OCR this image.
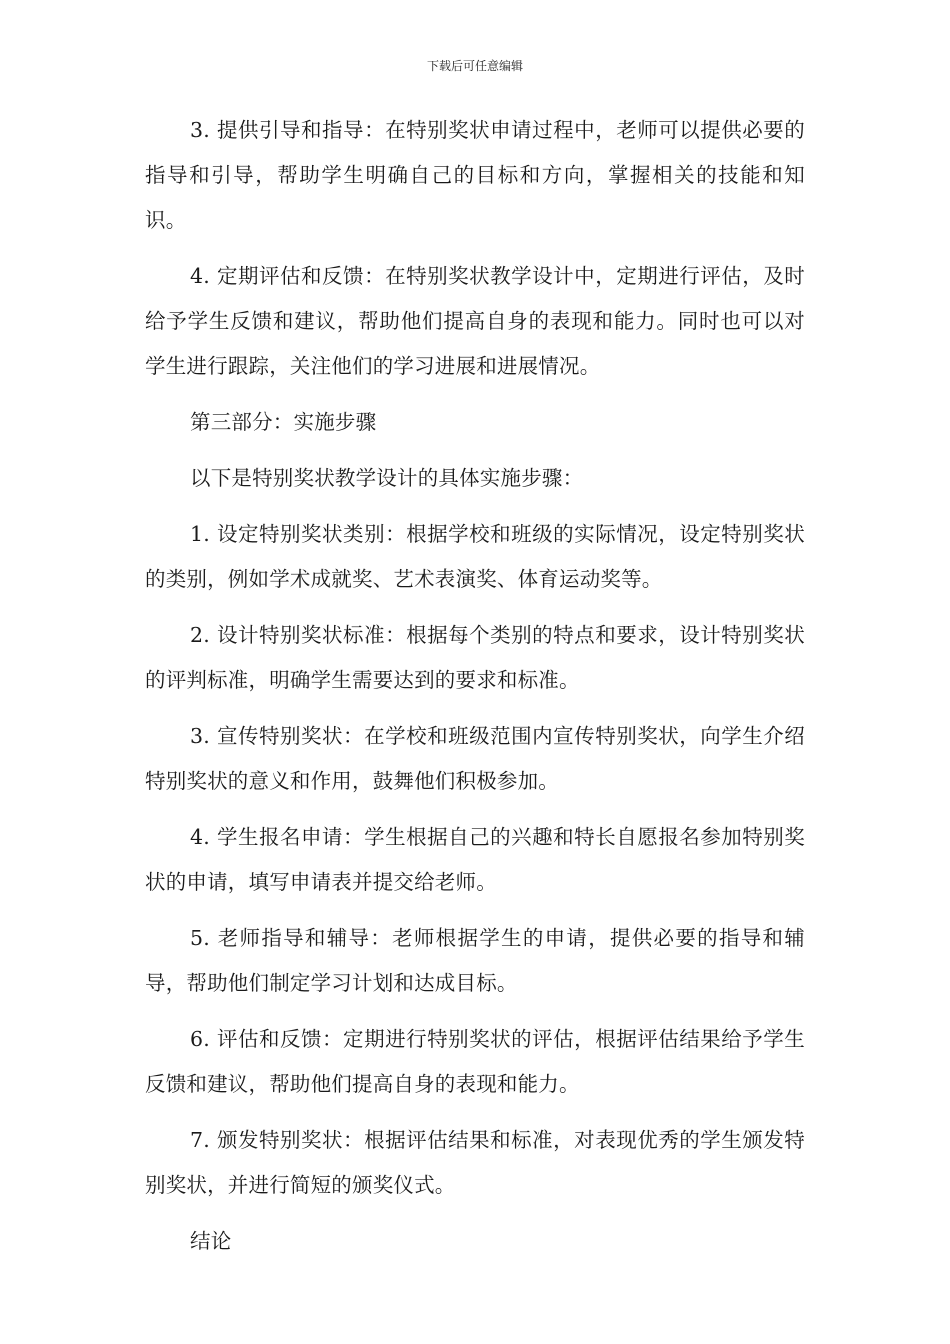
下载后可任意编辑

3. 提供引导和指导：在特别奖状申请过程中，老师可以提供必要的指导和引导，帮助学生明确自己的目标和方向，掌握相关的技能和知识。

4. 定期评估和反馈：在特别奖状教学设计中，定期进行评估，及时给予学生反馈和建议，帮助他们提高自身的表现和能力。同时也可以对学生进行跟踪，关注他们的学习进展和进展情况。

第三部分：实施步骤

以下是特别奖状教学设计的具体实施步骤：

1. 设定特别奖状类别：根据学校和班级的实际情况，设定特别奖状的类别，例如学术成就奖、艺术表演奖、体育运动奖等。

2. 设计特别奖状标准：根据每个类别的特点和要求，设计特别奖状的评判标准，明确学生需要达到的要求和标准。

3. 宣传特别奖状：在学校和班级范围内宣传特别奖状，向学生介绍特别奖状的意义和作用，鼓舞他们积极参加。

4. 学生报名申请：学生根据自己的兴趣和特长自愿报名参加特别奖状的申请，填写申请表并提交给老师。

5. 老师指导和辅导：老师根据学生的申请，提供必要的指导和辅导，帮助他们制定学习计划和达成目标。

6. 评估和反馈：定期进行特别奖状的评估，根据评估结果给予学生反馈和建议，帮助他们提高自身的表现和能力。

7. 颁发特别奖状：根据评估结果和标准，对表现优秀的学生颁发特别奖状，并进行简短的颁奖仪式。

结论
